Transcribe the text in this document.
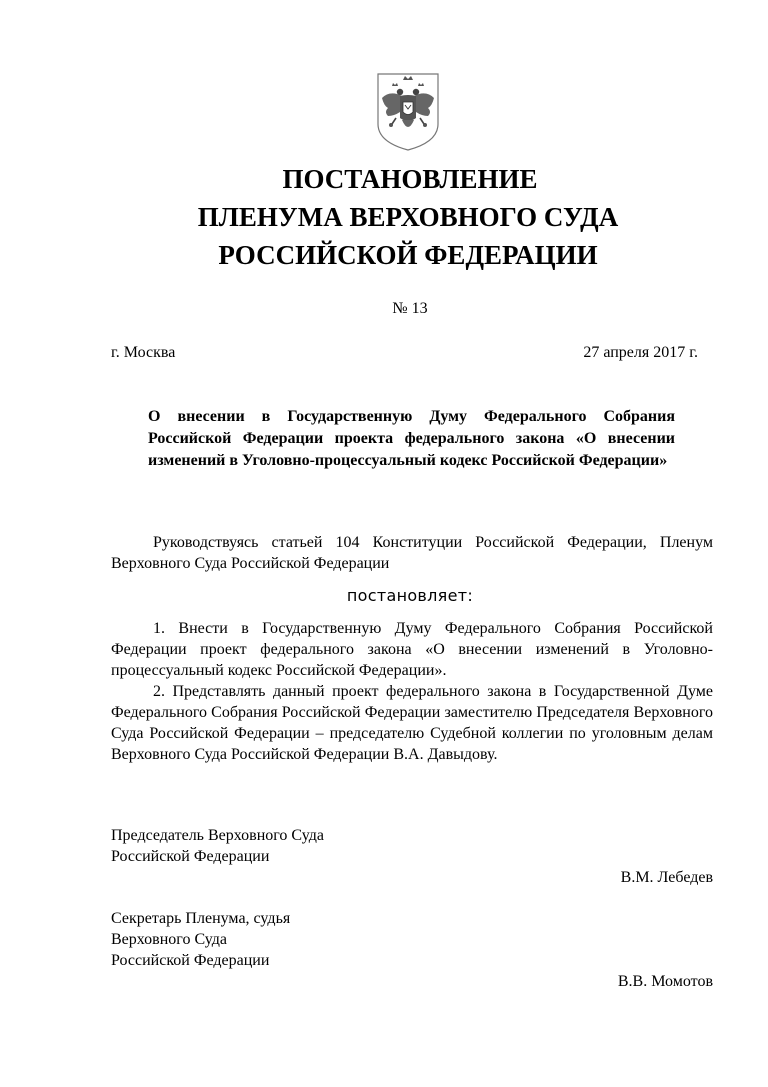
ПОСТАНОВЛЕНИЕ
ПЛЕНУМА ВЕРХОВНОГО СУДА
РОССИЙСКОЙ ФЕДЕРАЦИИ
№ 13
г. Москва	27 апреля 2017 г.
О внесении в Государственную Думу Федерального Собрания Российской Федерации проекта федерального закона «О внесении изменений в Уголовно-процессуальный кодекс Российской Федерации»

Руководствуясь статьей 104 Конституции Российской Федерации, Пленум Верховного Суда Российской Федерации

постановляет:

1. Внести в Государственную Думу Федерального Собрания Российской Федерации проект федерального закона «О внесении изменений в Уголовно-процессуальный кодекс Российской Федерации».

2. Представлять данный проект федерального закона в Государственной Думе Федерального Собрания Российской Федерации заместителю Председателя Верховного Суда Российской Федерации – председателю Судебной коллегии по уголовным делам Верховного Суда Российской Федерации В.А. Давыдову.

Председатель Верховного Суда
Российской Федерации
В.М. Лебедев
Секретарь Пленума, судья
Верховного Суда
Российской Федерации
В.В. Момотов
